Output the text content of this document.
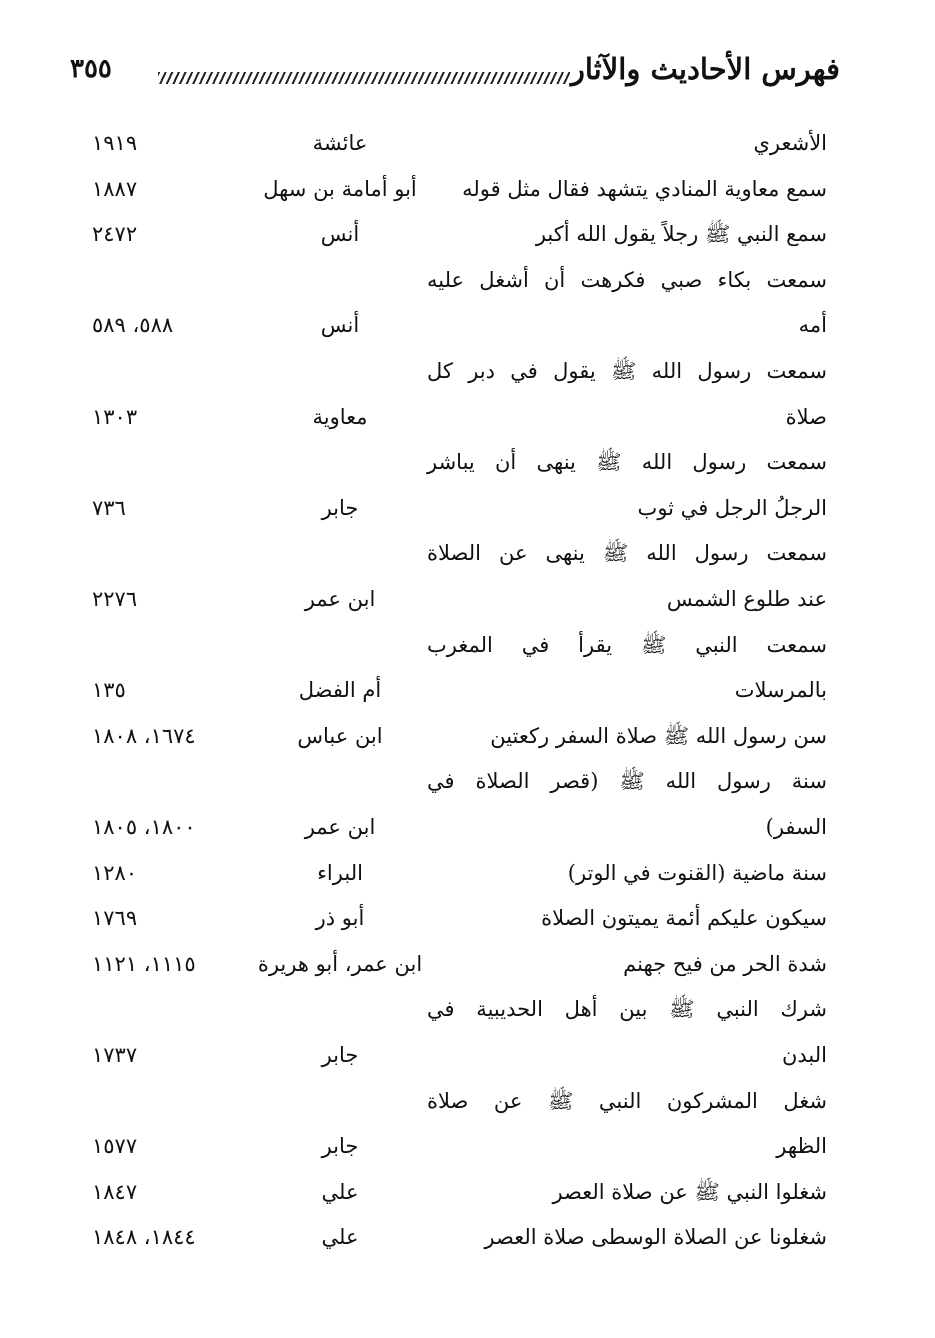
فهرس الأحاديث والآثار
٣٥٥
الأشعري
عائشة
١٩١٩
سمع معاوية المنادي يتشهد فقال مثل قوله
أبو أمامة بن سهل
١٨٨٧
سمع النبي ﷺ رجلاً يقول الله أكبر
أنس
٢٤٧٢
سمعت بكاء صبي فكرهت أن أشغل عليه
أمه
أنس
٥٨٨، ٥٨٩
سمعت رسول الله ﷺ يقول في دبر كل
صلاة
معاوية
١٣٠٣
سمعت رسول الله ﷺ ينهى أن يباشر
الرجلُ الرجل في ثوب
جابر
٧٣٦
سمعت رسول الله ﷺ ينهى عن الصلاة
عند طلوع الشمس
ابن عمر
٢٢٧٦
سمعت النبي ﷺ يقرأ في المغرب
بالمرسلات
أم الفضل
١٣٥
سن رسول الله ﷺ صلاة السفر ركعتين
ابن عباس
١٦٧٤، ١٨٠٨
سنة رسول الله ﷺ (قصر الصلاة في
السفر)
ابن عمر
١٨٠٠، ١٨٠٥
سنة ماضية (القنوت في الوتر)
البراء
١٢٨٠
سيكون عليكم أئمة يميتون الصلاة
أبو ذر
١٧٦٩
شدة الحر من فيح جهنم
ابن عمر، أبو هريرة
١١١٥، ١١٢١
شرك النبي ﷺ بين أهل الحديبية في
البدن
جابر
١٧٣٧
شغل المشركون النبي ﷺ عن صلاة
الظهر
جابر
١٥٧٧
شغلوا النبي ﷺ عن صلاة العصر
علي
١٨٤٧
شغلونا عن الصلاة الوسطى صلاة العصر
علي
١٨٤٤، ١٨٤٨
